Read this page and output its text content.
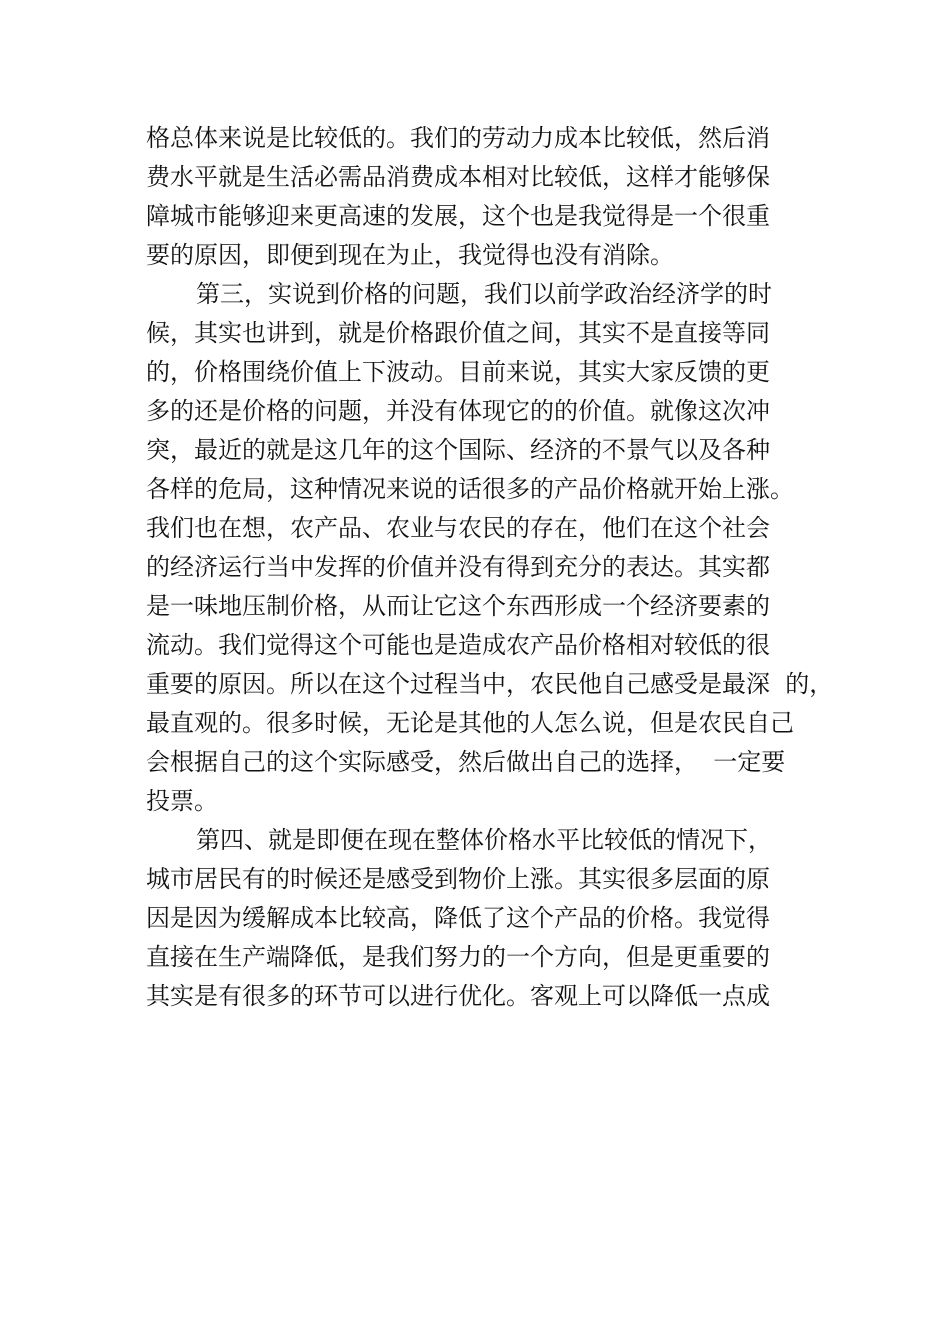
格总体来说是比较低的。我们的劳动力成本比较低，然后消
费水平就是生活必需品消费成本相对比较低，这样才能够保
障城市能够迎来更高速的发展，这个也是我觉得是一个很重
要的原因，即便到现在为止，我觉得也没有消除。
第三，实说到价格的问题，我们以前学政治经济学的时
候，其实也讲到，就是价格跟价值之间，其实不是直接等同
的，价格围绕价值上下波动。目前来说，其实大家反馈的更
多的还是价格的问题，并没有体现它的的价值。就像这次冲
突，最近的就是这几年的这个国际、经济的不景气以及各种
各样的危局，这种情况来说的话很多的产品价格就开始上涨。
我们也在想，农产品、农业与农民的存在，他们在这个社会
的经济运行当中发挥的价值并没有得到充分的表达。其实都
是一味地压制价格，从而让它这个东西形成一个经济要素的
流动。我们觉得这个可能也是造成农产品价格相对较低的很
重要的原因。所以在这个过程当中，农民他自己感受是最深  的，
最直观的。很多时候，无论是其他的人怎么说，但是农民自己
会根据自己的这个实际感受，然后做出自己的选择，  一定要
投票。
第四、就是即便在现在整体价格水平比较低的情况下，
城市居民有的时候还是感受到物价上涨。其实很多层面的原
因是因为缓解成本比较高，降低了这个产品的价格。我觉得
直接在生产端降低，是我们努力的一个方向，但是更重要的
其实是有很多的环节可以进行优化。客观上可以降低一点成
